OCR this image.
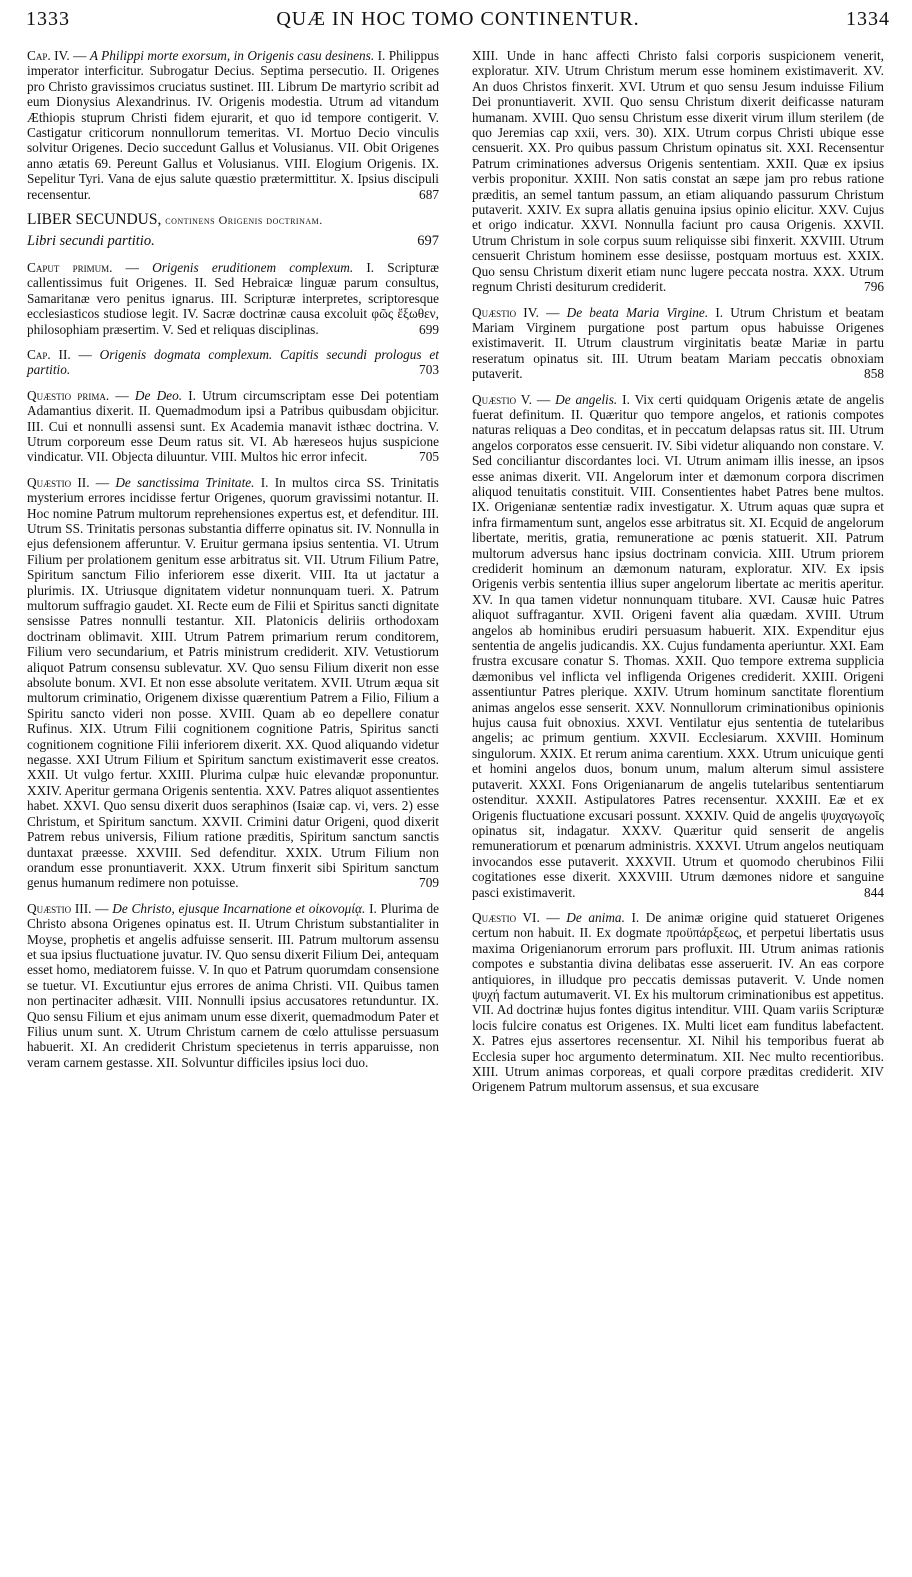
1333	QUÆ IN HOC TOMO CONTINENTUR.	1334
Cap. IV. — A Philippi morte exorsum, in Origenis casu desinens. I. Philippus imperator interficitur. Subrogatur Decius. Septima persecutio. II. Origenes pro Christo gravissimos cruciatus sustinet. III. Librum De martyrio scribit ad eum Dionysius Alexandrinus. IV. Origenis modestia. Utrum ad vitandum Æthiopis stuprum Christi fidem ejurarit, et quo id tempore contigerit. V. Castigatur criticorum nonnullorum temeritas. VI. Mortuo Decio vinculis solvitur Origenes. Decio succedunt Gallus et Volusianus. VII. Obit Origenes anno ætatis 69. Pereunt Gallus et Volusianus. VIII. Elogium Origenis. IX. Sepelitur Tyri. Vana de ejus salute quæstio prætermittitur. X. Ipsius discipuli recensentur.	687
LIBER SECUNDUS, continens Origenis doctrinam.
Libri secundi partitio.	697
Caput primum. — Origenis eruditionem complexum. I. Scripturæ callentissimus fuit Origenes. II. Sed Hebraicæ linguæ parum consultus, Samaritanæ vero penitus ignarus. III. Scripturæ interpretes, scriptoresque ecclesiasticos studiose legit. IV. Sacræ doctrinæ causa excoluit φῶς ἔξωθεν, philosophiam præsertim. V. Sed et reliquas disciplinas.	699
Cap. II. — Origenis dogmata complexum. Capitis secundi prologus et partitio.	703
Quæstio prima. — De Deo. I. Utrum circumscriptam esse Dei potentiam Adamantius dixerit. II. Quemadmodum ipsi a Patribus quibusdam objicitur. III. Cui et nonnulli assensi sunt. Ex Academia manavit isthæc doctrina. V. Utrum corporeum esse Deum ratus sit. VI. Ab hæreseos hujus suspicione vindicatur. VII. Objecta diluuntur. VIII. Multos hic error infecit.	705
Quæstio II. — De sanctissima Trinitate. I. In multos circa SS. Trinitatis mysterium errores incidisse fertur Origenes, quorum gravissimi notantur. II. Hoc nomine Patrum multorum reprehensiones expertus est, et defenditur. III. Utrum SS. Trinitatis personas substantia differre opinatus sit. IV. Nonnulla in ejus defensionem afferuntur. V. Eruitur germana ipsius sententia. VI. Utrum Filium per prolationem genitum esse arbitratus sit. VII. Utrum Filium Patre, Spiritum sanctum Filio inferiorem esse dixerit. VIII. Ita ut jactatur a plurimis. IX. Utriusque dignitatem videtur nonnunquam tueri. X. Patrum multorum suffragio gaudet. XI. Recte eum de Filii et Spiritus sancti dignitate sensisse Patres nonnulli testantur. XII. Platonicis deliriis orthodoxam doctrinam oblimavit. XIII. Utrum Patrem primarium rerum conditorem, Filium vero secundarium, et Patris ministrum crediderit. XIV. Vetustiorum aliquot Patrum consensu sublevatur. XV. Quo sensu Filium dixerit non esse absolute bonum. XVI. Et non esse absolute veritatem. XVII. Utrum æqua sit multorum criminatio, Origenem dixisse quærentium Patrem a Filio, Filium a Spiritu sancto videri non posse. XVIII. Quam ab eo depellere conatur Rufinus. XIX. Utrum Filii cognitionem cognitione Patris, Spiritus sancti cognitionem cognitione Filii inferiorem dixerit. XX. Quod aliquando videtur negasse. XXI Utrum Filium et Spiritum sanctum existimaverit esse creatos. XXII. Ut vulgo fertur. XXIII. Plurima culpæ huic elevandæ proponuntur. XXIV. Aperitur germana Origenis sententia. XXV. Patres aliquot assentientes habet. XXVI. Quo sensu dixerit duos seraphinos (Isaiæ cap. vi, vers. 2) esse Christum, et Spiritum sanctum. XXVII. Crimini datur Origeni, quod dixerit Patrem rebus universis, Filium ratione præditis, Spiritum sanctum sanctis duntaxat præesse. XXVIII. Sed defenditur. XXIX. Utrum Filium non orandum esse pronuntiaverit. XXX. Utrum finxerit sibi Spiritum sanctum genus humanum redimere non potuisse.	709
Quæstio III. — De Christo, ejusque Incarnatione et οἰκονομίᾳ. I. Plurima de Christo absona Origenes opinatus est. II. Utrum Christum substantialiter in Moyse, prophetis et angelis adfuisse senserit. III. Patrum multorum assensu et sua ipsius fluctuatione juvatur. IV. Quo sensu dixerit Filium Dei, antequam esset homo, mediatorem fuisse. V. In quo et Patrum quorumdam consensione se tuetur. VI. Excutiuntur ejus errores de anima Christi. VII. Quibus tamen non pertinaciter adhæsit. VIII. Nonnulli ipsius accusatores retunduntur. IX. Quo sensu Filium et ejus animam unum esse dixerit, quemadmodum Pater et Filius unum sunt. X. Utrum Christum carnem de cœlo attulisse persuasum habuerit. XI. An crediderit Christum specietenus in terris apparuisse, non veram carnem gestasse. XII. Solvuntur difficiles ipsius loci duo.
XIII. Unde in hanc affecti Christo falsi corporis suspicionem venerit, exploratur. XIV. Utrum Christum merum esse hominem existimaverit. XV. An duos Christos finxerit. XVI. Utrum et quo sensu Jesum induisse Filium Dei pronuntiaverit. XVII. Quo sensu Christum dixerit deificasse naturam humanam. XVIII. Quo sensu Christum esse dixerit virum illum sterilem (de quo Jeremias cap xxii, vers. 30). XIX. Utrum corpus Christi ubique esse censuerit. XX. Pro quibus passum Christum opinatus sit. XXI. Recensentur Patrum criminationes adversus Origenis sententiam. XXII. Quæ ex ipsius verbis proponitur. XXIII. Non satis constat an sæpe jam pro rebus ratione præditis, an semel tantum passum, an etiam aliquando passurum Christum putaverit. XXIV. Ex supra allatis genuina ipsius opinio elicitur. XXV. Cujus et origo indicatur. XXVI. Nonnulla faciunt pro causa Origenis. XXVII. Utrum Christum in sole corpus suum reliquisse sibi finxerit. XXVIII. Utrum censuerit Christum hominem esse desiisse, postquam mortuus est. XXIX. Quo sensu Christum dixerit etiam nunc lugere peccata nostra. XXX. Utrum regnum Christi desiturum crediderit.	796
Quæstio IV. — De beata Maria Virgine. I. Utrum Christum et beatam Mariam Virginem purgatione post partum opus habuisse Origenes existimaverit. II. Utrum claustrum virginitatis beatæ Mariæ in partu reseratum opinatus sit. III. Utrum beatam Mariam peccatis obnoxiam putaverit.	858
Quæstio V. — De angelis. I. Vix certi quidquam Origenis ætate de angelis fuerat definitum. II. Quæritur quo tempore angelos, et rationis compotes naturas reliquas a Deo conditas, et in peccatum delapsas ratus sit. III. Utrum angelos corporatos esse censuerit. IV. Sibi videtur aliquando non constare. V. Sed conciliantur discordantes loci. VI. Utrum animam illis inesse, an ipsos esse animas dixerit. VII. Angelorum inter et dæmonum corpora discrimen aliquod tenuitatis constituit. VIII. Consentientes habet Patres bene multos. IX. Origenianæ sententiæ radix investigatur. X. Utrum aquas quæ supra et infra firmamentum sunt, angelos esse arbitratus sit. XI. Ecquid de angelorum libertate, meritis, gratia, remuneratione ac pœnis statuerit. XII. Patrum multorum adversus hanc ipsius doctrinam convicia. XIII. Utrum priorem crediderit hominum an dæmonum naturam, exploratur. XIV. Ex ipsis Origenis verbis sententia illius super angelorum libertate ac meritis aperitur. XV. In qua tamen videtur nonnunquam titubare. XVI. Causæ huic Patres aliquot suffragantur. XVII. Origeni favent alia quædam. XVIII. Utrum angelos ab hominibus erudiri persuasum habuerit. XIX. Expenditur ejus sententia de angelis judicandis. XX. Cujus fundamenta aperiuntur. XXI. Eam frustra excusare conatur S. Thomas. XXII. Quo tempore extrema supplicia dæmonibus vel inflicta vel infligenda Origenes crediderit. XXIII. Origeni assentiuntur Patres plerique. XXIV. Utrum hominum sanctitate florentium animas angelos esse senserit. XXV. Nonnullorum criminationibus opinionis hujus causa fuit obnoxius. XXVI. Ventilatur ejus sententia de tutelaribus angelis; ac primum gentium. XXVII. Ecclesiarum. XXVIII. Hominum singulorum. XXIX. Et rerum anima carentium. XXX. Utrum unicuique genti et homini angelos duos, bonum unum, malum alterum simul assistere putaverit. XXXI. Fons Origenianarum de angelis tutelaribus sententiarum ostenditur. XXXII. Astipulatores Patres recensentur. XXXIII. Eæ et ex Origenis fluctuatione excusari possunt. XXXIV. Quid de angelis ψυχαγωγοῖς opinatus sit, indagatur. XXXV. Quæritur quid senserit de angelis remuneratiorum et pœnarum administris. XXXVI. Utrum angelos neutiquam invocandos esse putaverit. XXXVII. Utrum et quomodo cherubinos Filii cogitationes esse dixerit. XXXVIII. Utrum dæmones nidore et sanguine pasci existimaverit.	844
Quæstio VI. — De anima. I. De animæ origine quid statueret Origenes certum non habuit. II. Ex dogmate προϋπάρξεως, et perpetui libertatis usus maxima Origenianorum errorum pars profluxit. III. Utrum animas rationis compotes e substantia divina delibatas esse asseruerit. IV. An eas corpore antiquiores, in illudque pro peccatis demissas putaverit. V. Unde nomen ψυχή factum autumaverit. VI. Ex his multorum criminationibus est appetitus. VII. Ad doctrinæ hujus fontes digitus intenditur. VIII. Quam variis Scripturæ locis fulcire conatus est Origenes. IX. Multi licet eam funditus labefactent. X. Patres ejus assertores recensentur. XI. Nihil his temporibus fuerat ab Ecclesia super hoc argumento determinatum. XII. Nec multo recentioribus. XIII. Utrum animas corporeas, et quali corpore præditas crediderit. XIV Origenem Patrum multorum assensus, et sua excusare
